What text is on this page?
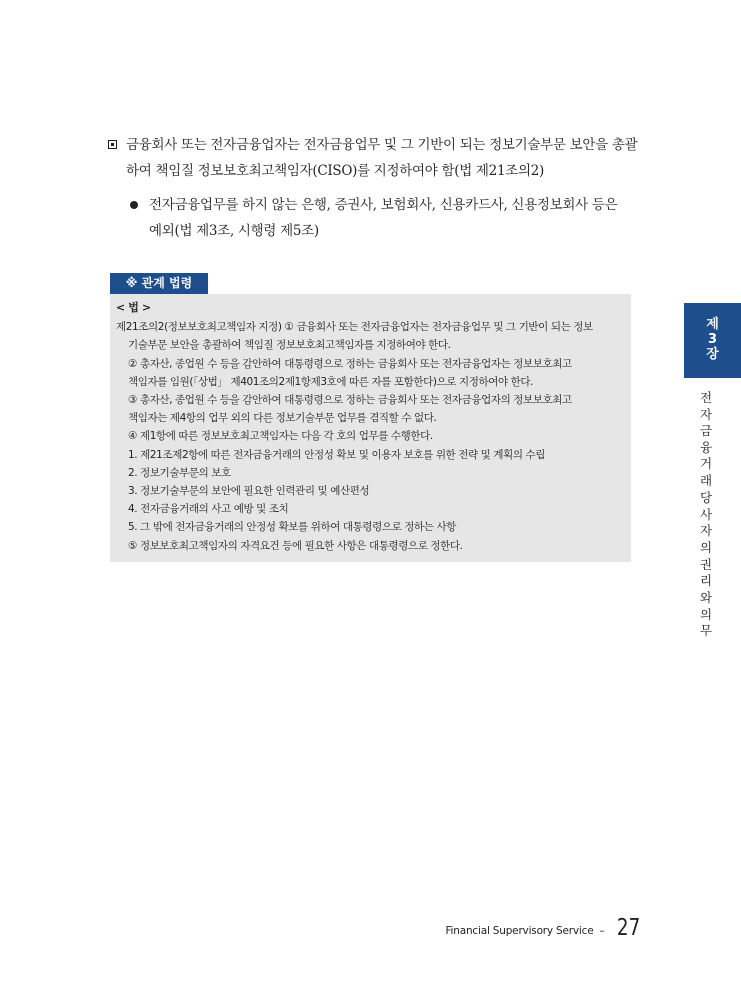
금융회사 또는 전자금융업자는 전자금융업무 및 그 기반이 되는 정보기술부문 보안을 총괄
하여 책임질 정보보호최고책임자(CISO)를 지정하여야 함(법 제21조의2)
전자금융업무를 하지 않는 은행, 증권사, 보험회사, 신용카드사, 신용정보회사 등은
예외(법 제3조, 시행령 제5조)
※ 관계 법령
< 법 >
제21조의2(정보보호최고책임자 지정) ① 금융회사 또는 전자금융업자는 전자금융업무 및 그 기반이 되는 정보
기술부문 보안을 총괄하여 책임질 정보보호최고책임자를 지정하여야 한다.
② 총자산, 종업원 수 등을 감안하여 대통령령으로 정하는 금융회사 또는 전자금융업자는 정보보호최고
책임자를 임원(「상법」 제401조의2제1항제3호에 따른 자를 포함한다)으로 지정하여야 한다.
③ 총자산, 종업원 수 등을 감안하여 대통령령으로 정하는 금융회사 또는 전자금융업자의 정보보호최고
책임자는 제4항의 업무 외의 다른 정보기술부문 업무를 겸직할 수 없다.
④ 제1항에 따른 정보보호최고책임자는 다음 각 호의 업무를 수행한다.
1. 제21조제2항에 따른 전자금융거래의 안정성 확보 및 이용자 보호를 위한 전략 및 계획의 수립
2. 정보기술부문의 보호
3. 정보기술부문의 보안에 필요한 인력관리 및 예산편성
4. 전자금융거래의 사고 예방 및 조치
5. 그 밖에 전자금융거래의 안정성 확보를 위하여 대통령령으로 정하는 사항
⑤ 정보보호최고책임자의 자격요건 등에 필요한 사항은 대통령령으로 정한다.
제
3
장
전
자
금
융
거
래
당
사
자
의
권
리
와
의
무
Financial Supervisory Service – 27
